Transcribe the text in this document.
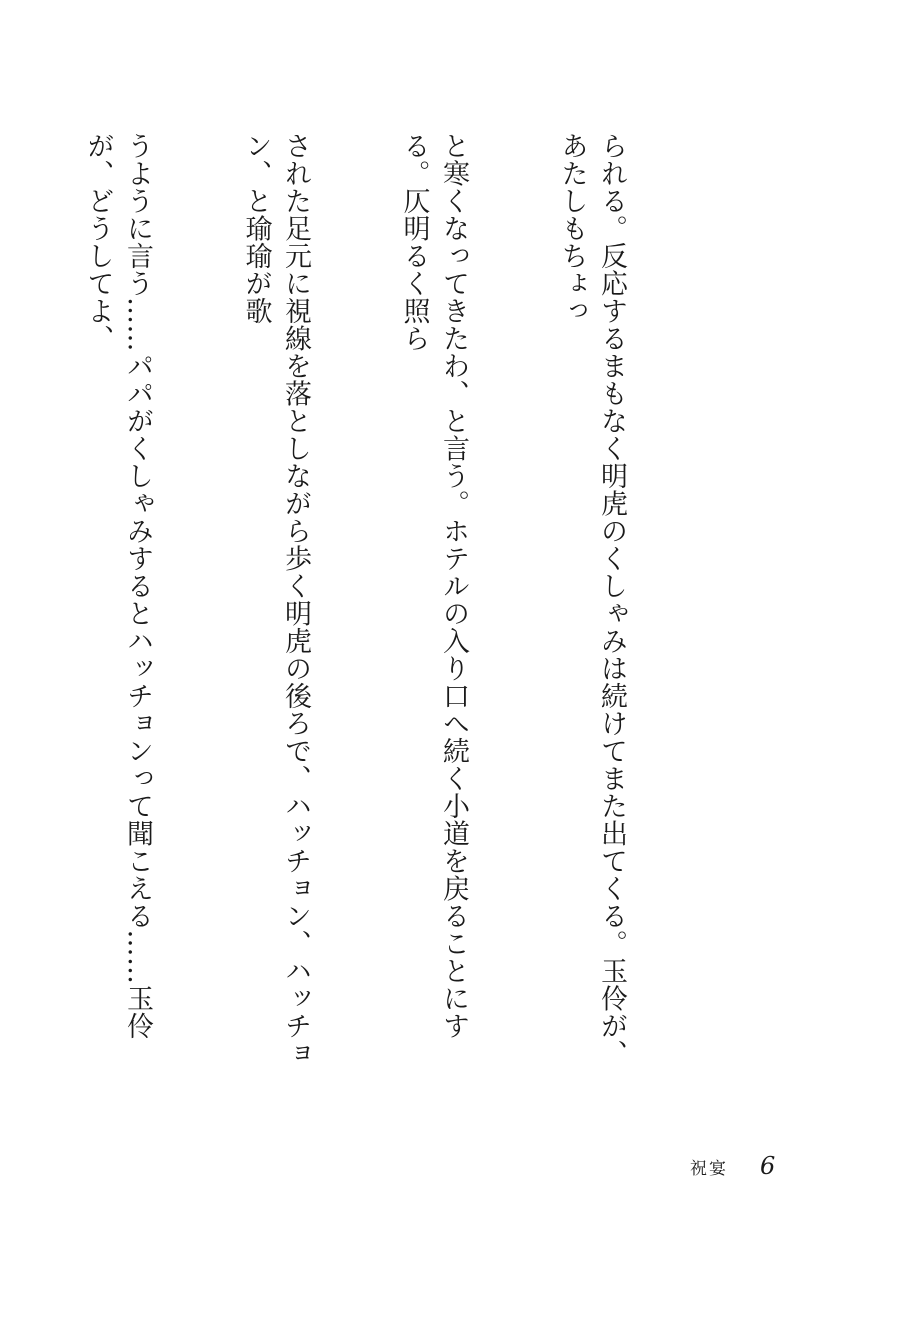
られる。反応するまもなく明虎のくしゃみは続けてまた出てくる。玉伶が、あたしもちょっ

と寒くなってきたわ、と言う。ホテルの入り口へ続く小道を戻ることにする。仄明るく照ら

された足元に視線を落としながら歩く明虎の後ろで、ハッチョン、ハッチョン、と瑜瑜が歌

うように言う……パパがくしゃみするとハッチョンって聞こえる……玉伶が、どうしてよ、

祝宴 6
